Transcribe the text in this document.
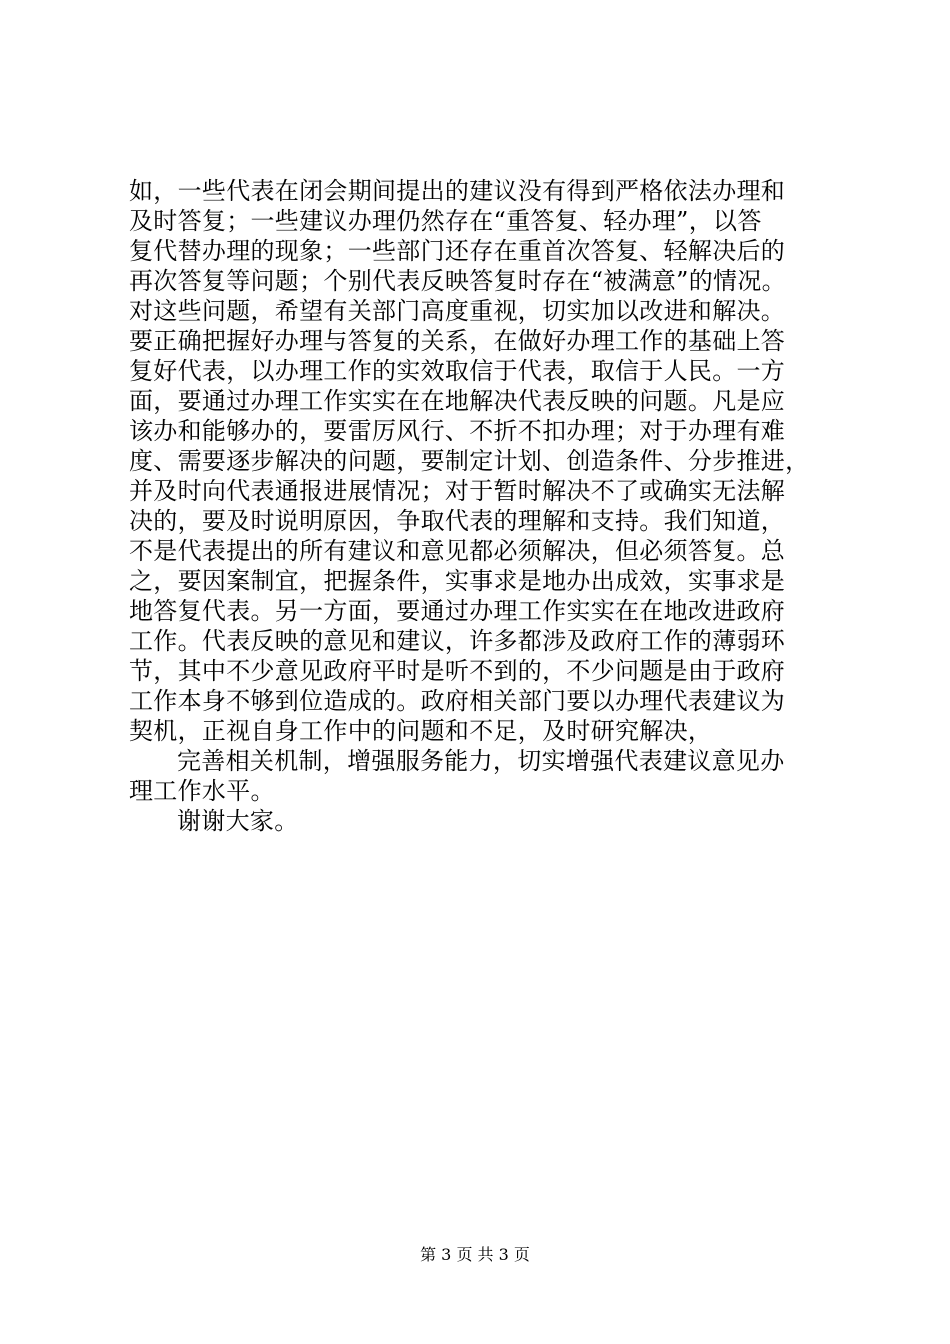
如，一些代表在闭会期间提出的建议没有得到严格依法办理和
及时答复；一些建议办理仍然存在“重答复、轻办理”，以答
复代替办理的现象；一些部门还存在重首次答复、轻解决后的
再次答复等问题；个别代表反映答复时存在“被满意”的情况。
对这些问题，希望有关部门高度重视，切实加以改进和解决。
要正确把握好办理与答复的关系，在做好办理工作的基础上答
复好代表，以办理工作的实效取信于代表，取信于人民。一方
面，要通过办理工作实实在在地解决代表反映的问题。凡是应
该办和能够办的，要雷厉风行、不折不扣办理；对于办理有难
度、需要逐步解决的问题，要制定计划、创造条件、分步推进，
并及时向代表通报进展情况；对于暂时解决不了或确实无法解
决的，要及时说明原因，争取代表的理解和支持。我们知道，
不是代表提出的所有建议和意见都必须解决，但必须答复。总
之，要因案制宜，把握条件，实事求是地办出成效，实事求是
地答复代表。另一方面，要通过办理工作实实在在地改进政府
工作。代表反映的意见和建议，许多都涉及政府工作的薄弱环
节，其中不少意见政府平时是听不到的，不少问题是由于政府
工作本身不够到位造成的。政府相关部门要以办理代表建议为
契机，正视自身工作中的问题和不足，及时研究解决，
完善相关机制，增强服务能力，切实增强代表建议意见办
理工作水平。
谢谢大家。
第 3 页 共 3 页
